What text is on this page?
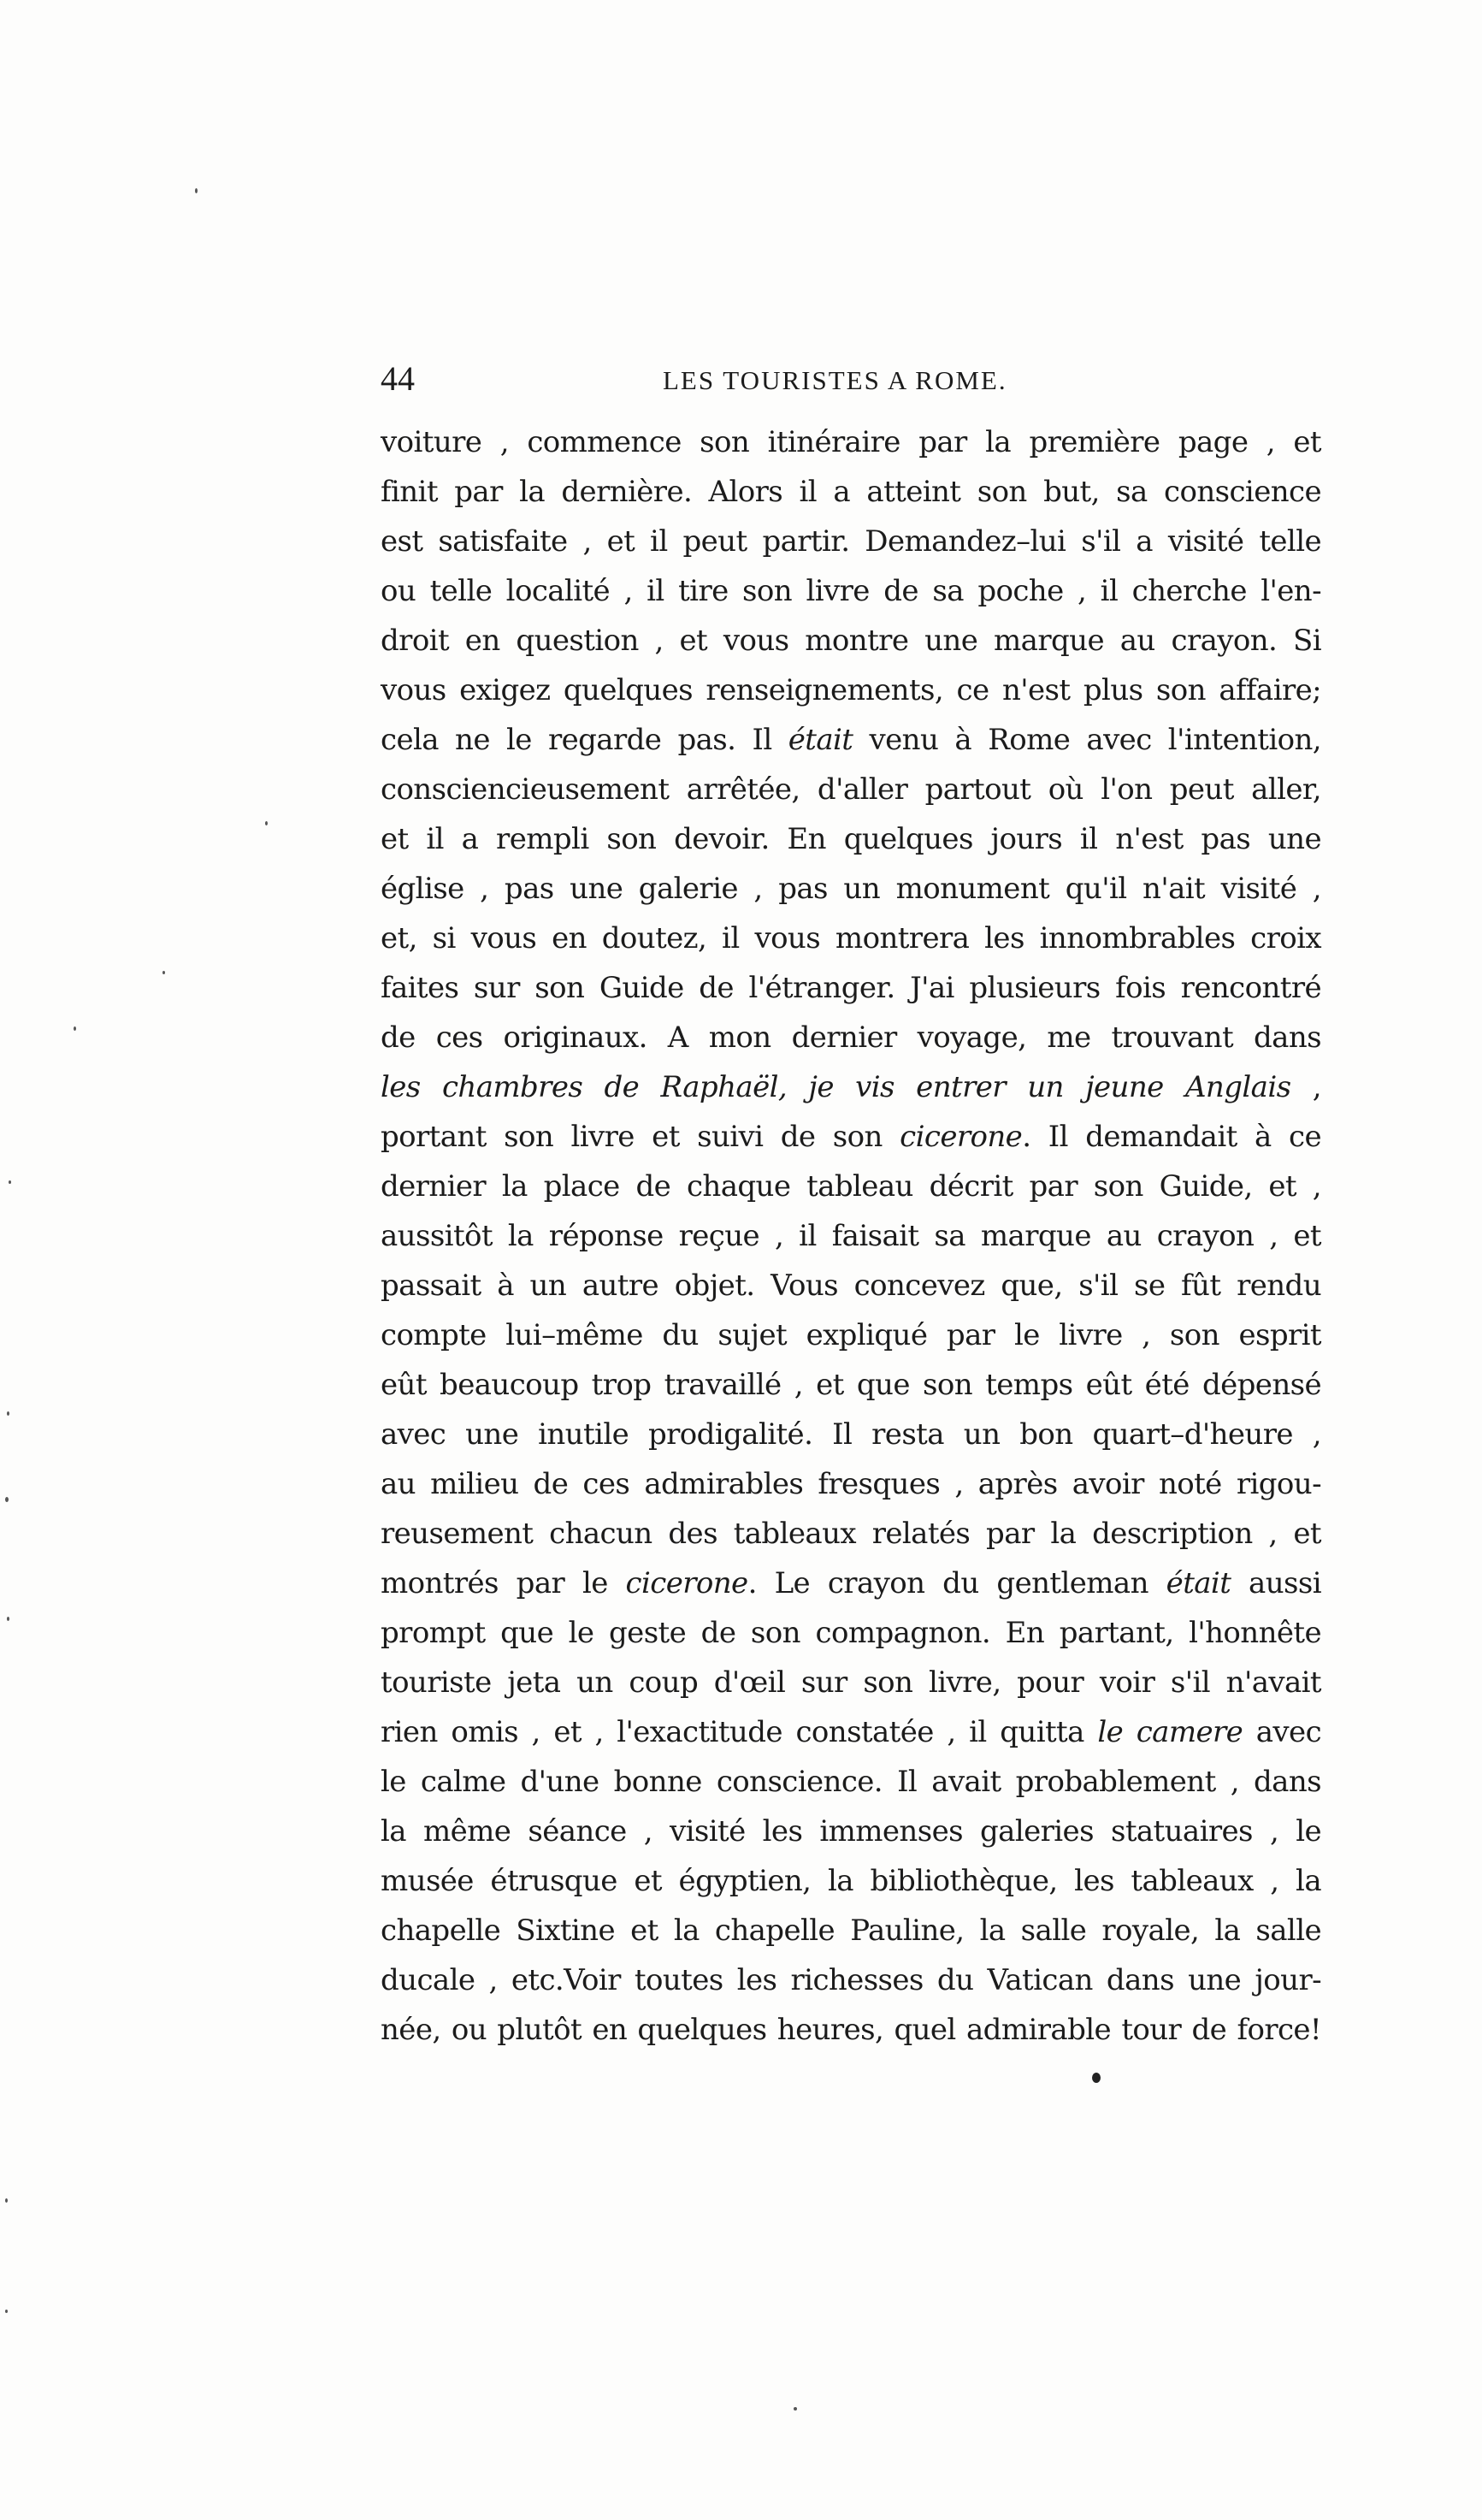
44	LES TOURISTES A ROME.
voiture , commence son itinéraire par la première page , et
finit par la dernière. Alors il a atteint son but, sa conscience
est satisfaite , et il peut partir. Demandez–lui s'il a visité telle
ou telle localité , il tire son livre de sa poche , il cherche l'en-
droit en question , et vous montre une marque au crayon. Si
vous exigez quelques renseignements, ce n'est plus son affaire;
cela ne le regarde pas. Il était venu à Rome avec l'intention,
consciencieusement arrêtée, d'aller partout où l'on peut aller,
et il a rempli son devoir. En quelques jours il n'est pas une
église , pas une galerie , pas un monument qu'il n'ait visité ,
et, si vous en doutez, il vous montrera les innombrables croix
faites sur son Guide de l'étranger. J'ai plusieurs fois rencontré
de ces originaux. A mon dernier voyage, me trouvant dans
les chambres de Raphaël, je vis entrer un jeune Anglais ,
portant son livre et suivi de son cicerone. Il demandait à ce
dernier la place de chaque tableau décrit par son Guide, et ,
aussitôt la réponse reçue , il faisait sa marque au crayon , et
passait à un autre objet. Vous concevez que, s'il se fût rendu
compte lui–même du sujet expliqué par le livre , son esprit
eût beaucoup trop travaillé , et que son temps eût été dépensé
avec une inutile prodigalité. Il resta un bon quart–d'heure ,
au milieu de ces admirables fresques , après avoir noté rigou-
reusement chacun des tableaux relatés par la description , et
montrés par le cicerone. Le crayon du gentleman était aussi
prompt que le geste de son compagnon. En partant, l'honnête
touriste jeta un coup d'œil sur son livre, pour voir s'il n'avait
rien omis , et , l'exactitude constatée , il quitta le camere avec
le calme d'une bonne conscience. Il avait probablement , dans
la même séance , visité les immenses galeries statuaires , le
musée étrusque et égyptien, la bibliothèque, les tableaux , la
chapelle Sixtine et la chapelle Pauline, la salle royale, la salle
ducale , etc.Voir toutes les richesses du Vatican dans une jour-
née, ou plutôt en quelques heures, quel admirable tour de force!
